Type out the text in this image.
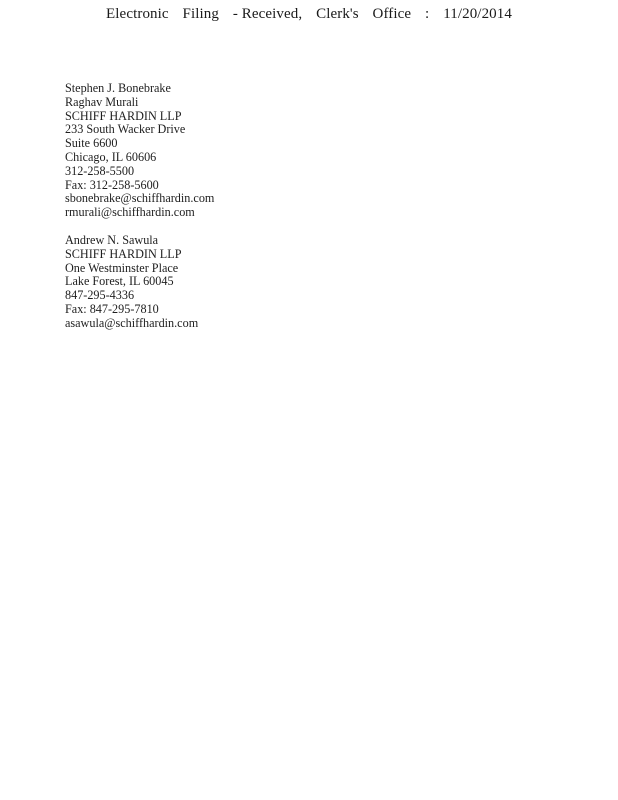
Electronic Filing - Received, Clerk's Office : 11/20/2014
Stephen J. Bonebrake
Raghav Murali
SCHIFF HARDIN LLP
233 South Wacker Drive
Suite 6600
Chicago, IL 60606
312-258-5500
Fax: 312-258-5600
sbonebrake@schiffhardin.com
rmurali@schiffhardin.com
Andrew N. Sawula
SCHIFF HARDIN LLP
One Westminster Place
Lake Forest, IL 60045
847-295-4336
Fax: 847-295-7810
asawula@schiffhardin.com
